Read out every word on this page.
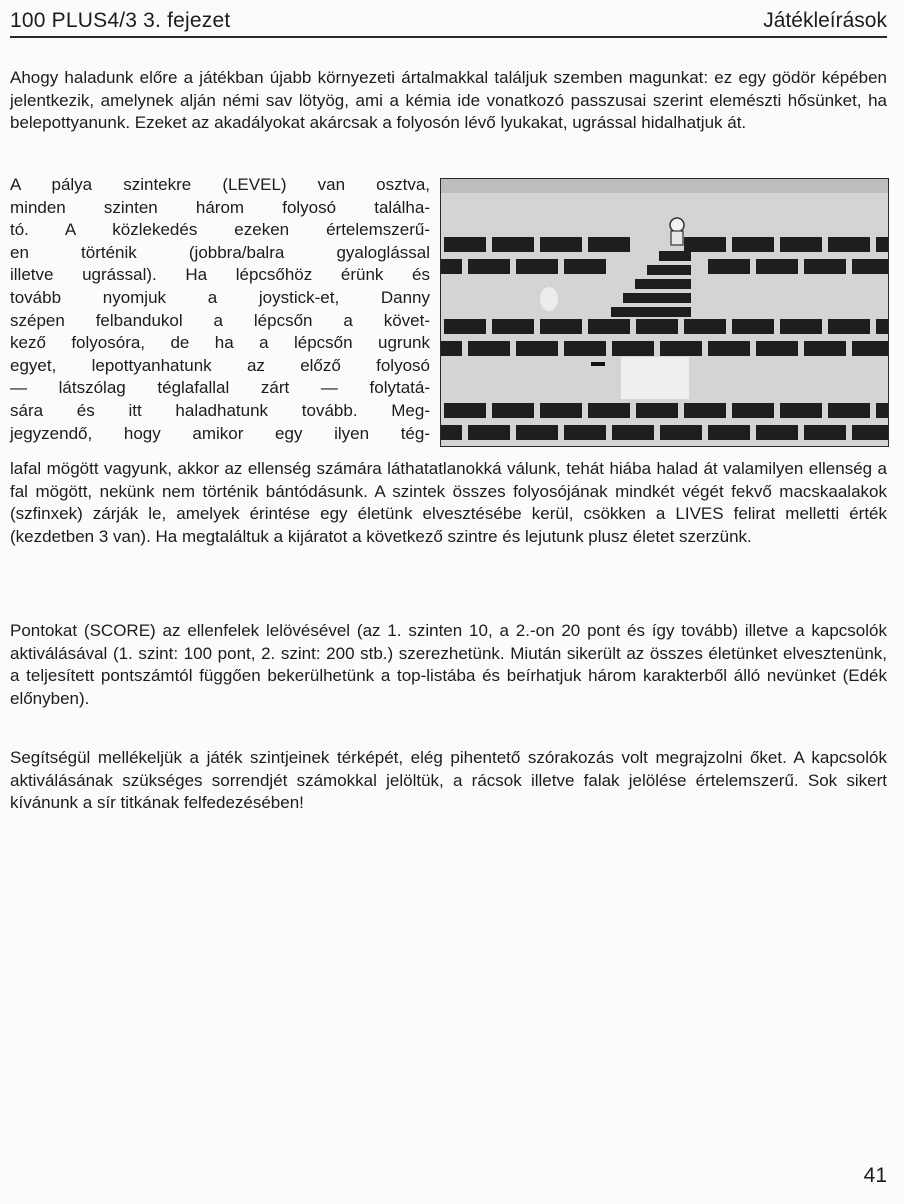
100 PLUS4/3 3. fejezet	Játékleírások

Ahogy haladunk előre a játékban újabb környezeti ártalmakkal találjuk szemben magunkat: ez egy gödör képében jelentkezik, amelynek alján némi sav lötyög, ami a kémia ide vonatkozó passzusai szerint elemészti hősünket, ha belepottyanunk. Ezeket az akadályokat akárcsak a folyosón lévő lyukakat, ugrással hidalhatjuk át.

A pálya szintekre (LEVEL) van osztva,
minden szinten három folyosó találha-
tó. A közlekedés ezeken értelemszerű-
en történik (jobbra/balra gyaloglással
illetve ugrással). Ha lépcsőhöz érünk és
tovább nyomjuk a joystick-et, Danny
szépen felbandukol a lépcsőn a követ-
kező folyosóra, de ha a lépcsőn ugrunk
egyet, lepottyanhatunk az előző folyosó
— látszólag téglafallal zárt — folytatá-
sára és itt haladhatunk tovább. Meg-
jegyzendő, hogy amikor egy ilyen tég-

lafal mögött vagyunk, akkor az ellenség számára láthatatlanokká válunk, tehát hiába halad át valamilyen ellenség a fal mögött, nekünk nem történik bántódásunk. A szintek összes folyosójának mindkét végét fekvő macskaalakok (szfinxek) zárják le, amelyek érintése egy életünk elvesztésébe kerül, csökken a LIVES felirat melletti érték (kezdetben 3 van). Ha megtaláltuk a kijáratot a következő szintre és lejutunk plusz életet szerzünk.

Pontokat (SCORE) az ellenfelek lelövésével (az 1. szinten 10, a 2.-on 20 pont és így tovább) illetve a kapcsolók aktiválásával (1. szint: 100 pont, 2. szint: 200 stb.) szerezhetünk. Miután sikerült az összes életünket elvesztenünk, a teljesített pontszámtól függően bekerülhetünk a top-listába és beírhatjuk három karakterből álló nevünket (Edék előnyben).

Segítségül mellékeljük a játék szintjeinek térképét, elég pihentető szórakozás volt megrajzolni őket. A kapcsolók aktiválásának szükséges sorrendjét számokkal jelöltük, a rácsok illetve falak jelölése értelemszerű. Sok sikert kívánunk a sír titkának felfedezésében!

41
